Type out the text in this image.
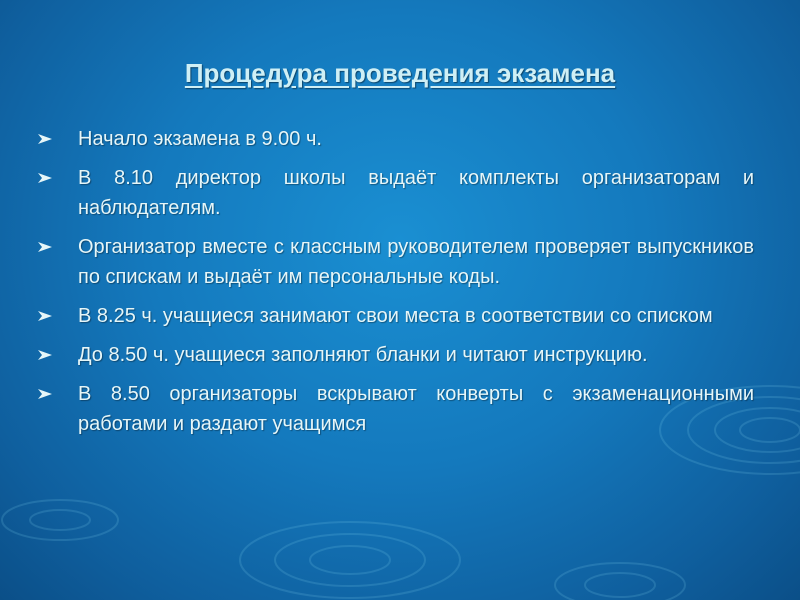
Процедура проведения экзамена
Начало экзамена в 9.00 ч.
В 8.10 директор школы выдаёт комплекты организаторам и наблюдателям.
Организатор вместе с классным руководителем проверяет выпускников по спискам и выдаёт им персональные коды.
В 8.25 ч. учащиеся занимают свои места в соответствии со списком
До 8.50 ч. учащиеся заполняют бланки и читают инструкцию.
В 8.50 организаторы вскрывают конверты с экзаменационными работами и раздают учащимся
